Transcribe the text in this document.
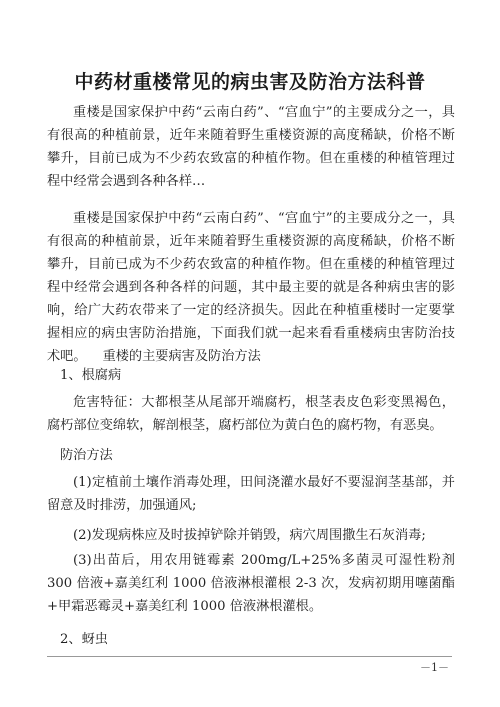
中药材重楼常见的病虫害及防治方法科普

重楼是国家保护中药“云南白药”、“宫血宁”的主要成分之一，具有很高的种植前景，近年来随着野生重楼资源的高度稀缺，价格不断攀升，目前已成为不少药农致富的种植作物。但在重楼的种植管理过程中经常会遇到各种各样…

重楼是国家保护中药“云南白药”、“宫血宁”的主要成分之一，具有很高的种植前景，近年来随着野生重楼资源的高度稀缺，价格不断攀升，目前已成为不少药农致富的种植作物。但在重楼的种植管理过程中经常会遇到各种各样的问题，其中最主要的就是各种病虫害的影响，给广大药农带来了一定的经济损失。因此在种植重楼时一定要掌握相应的病虫害防治措施，下面我们就一起来看看重楼病虫害防治技术吧。 重楼的主要病害及防治方法

1、根腐病

危害特征：大都根茎从尾部开端腐朽，根茎表皮色彩变黑褐色，腐朽部位变绵软，解剖根茎，腐朽部位为黄白色的腐朽物，有恶臭。

防治方法

(1)定植前土壤作消毒处理，田间浇灌水最好不要湿润茎基部，并留意及时排涝，加强通风;

(2)发现病株应及时拔掉铲除并销毁，病穴周围撒生石灰消毒;

(3)出苗后，用农用链霉素 200mg/L+25%多菌灵可湿性粉剂 300 倍液+嘉美红利 1000 倍液淋根灌根 2-3 次，发病初期用噻菌酯+甲霜恶霉灵+嘉美红利 1000 倍液淋根灌根。

2、蚜虫

－1－
